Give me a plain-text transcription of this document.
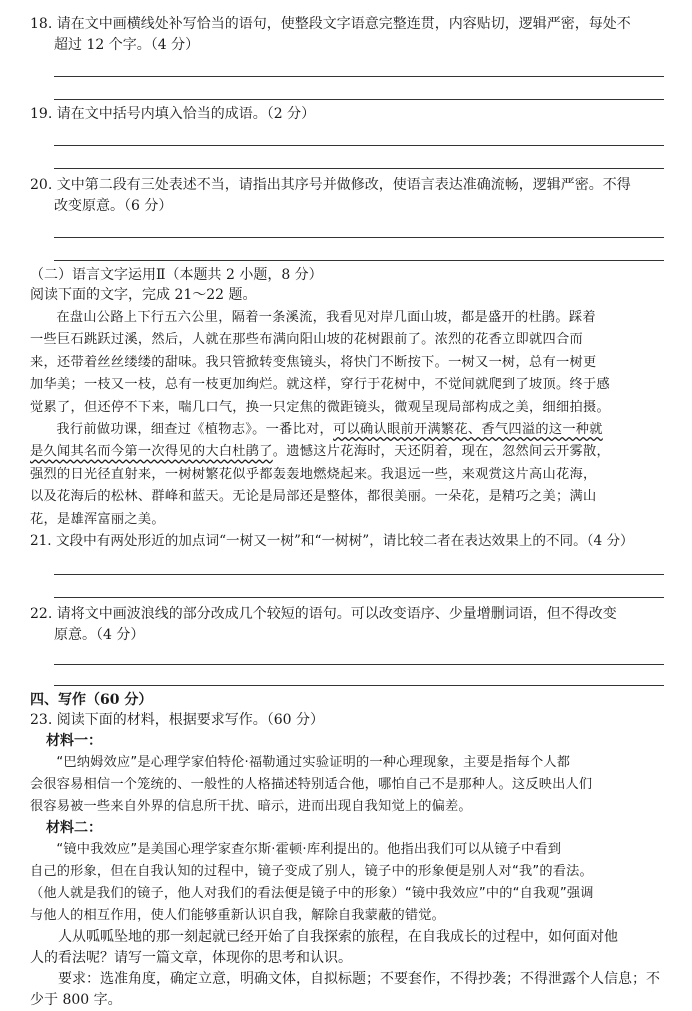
18. 请在文中画横线处补写恰当的语句，使整段文字语意完整连贯，内容贴切，逻辑严密，每处不

超过 12 个字。（4 分）

19. 请在文中括号内填入恰当的成语。（2 分）

20. 文中第二段有三处表述不当，请指出其序号并做修改，使语言表达准确流畅，逻辑严密。不得

改变原意。（6 分）

（二）语言文字运用Ⅱ（本题共 2 小题，8 分）

阅读下面的文字，完成 21～22 题。

在盘山公路上下行五六公里，隔着一条溪流，我看见对岸几面山坡，都是盛开的杜鹃。踩着

一些巨石跳跃过溪，然后，人就在那些布满向阳山坡的花树跟前了。浓烈的花香立即就四合而

来，还带着丝丝缕缕的甜味。我只管掀转变焦镜头，将快门不断按下。一树又一树，总有一树更

加华美；一枝又一枝，总有一枝更加绚烂。就这样，穿行于花树中，不觉间就爬到了坡顶。终于感

觉累了，但还停不下来，喘几口气，换一只定焦的微距镜头，微观呈现局部构成之美，细细拍摄。

我行前做功课，细查过《植物志》。一番比对，可以确认眼前开满繁花、香气四溢的这一种就

是久闻其名而今第一次得见的大白杜鹃了。遗憾这片花海时，天还阴着，现在，忽然间云开雾散，

强烈的日光径直射来，一树树繁花似乎都轰轰地燃烧起来。我退远一些，来观赏这片高山花海，

以及花海后的松林、群峰和蓝天。无论是局部还是整体，都很美丽。一朵花，是精巧之美；满山

花，是雄浑富丽之美。

21. 文段中有两处形近的加点词“一树又一树”和“一树树”，请比较二者在表达效果上的不同。（4 分）

22. 请将文中画波浪线的部分改成几个较短的语句。可以改变语序、少量增删词语，但不得改变

原意。（4 分）

四、写作（60 分）

23. 阅读下面的材料，根据要求写作。（60 分）

材料一：

“巴纳姆效应”是心理学家伯特伦·福勒通过实验证明的一种心理现象，主要是指每个人都

会很容易相信一个笼统的、一般性的人格描述特别适合他，哪怕自己不是那种人。这反映出人们

很容易被一些来自外界的信息所干扰、暗示，进而出现自我知觉上的偏差。

材料二：

“镜中我效应”是美国心理学家查尔斯·霍顿·库利提出的。他指出我们可以从镜子中看到

自己的形象，但在自我认知的过程中，镜子变成了别人，镜子中的形象便是别人对“我”的看法。

（他人就是我们的镜子，他人对我们的看法便是镜子中的形象）“镜中我效应”中的“自我观”强调

与他人的相互作用，使人们能够重新认识自我，解除自我蒙蔽的错觉。

人从呱呱坠地的那一刻起就已经开始了自我探索的旅程，在自我成长的过程中，如何面对他

人的看法呢？请写一篇文章，体现你的思考和认识。

要求：选准角度，确定立意，明确文体，自拟标题；不要套作，不得抄袭；不得泄露个人信息；不

少于 800 字。
